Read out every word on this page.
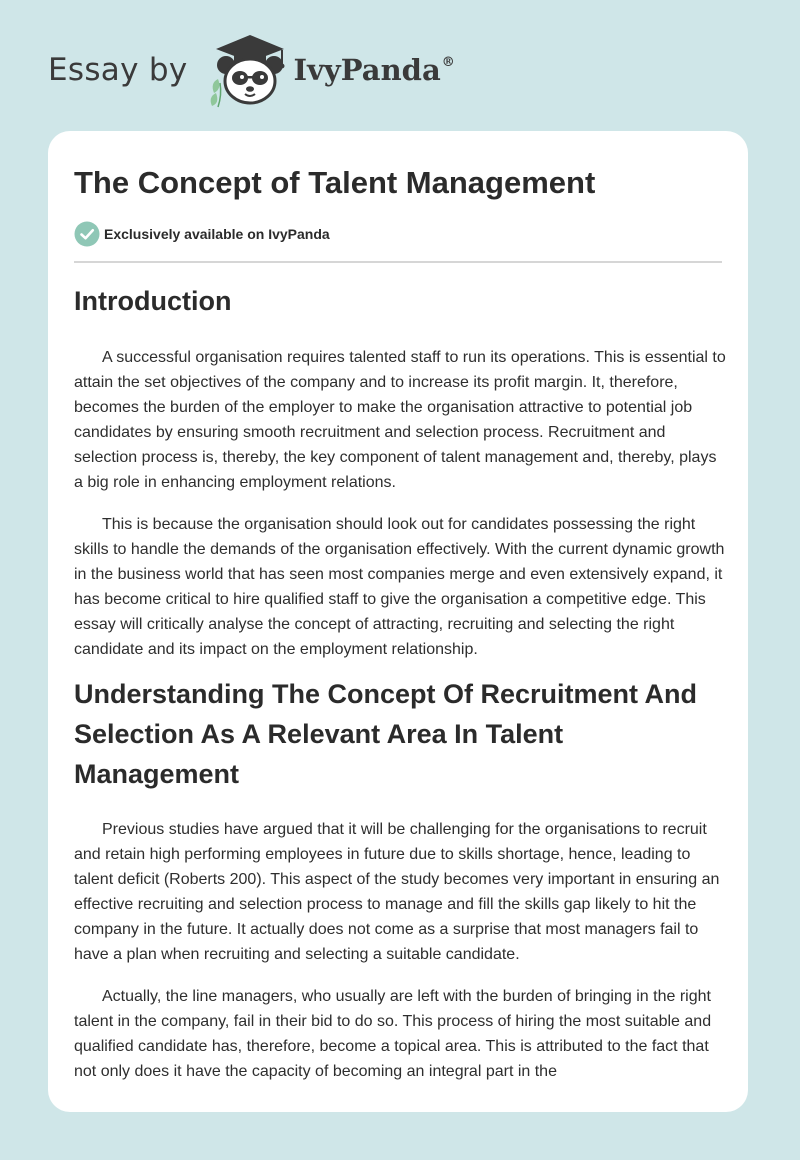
Essay by	IvyPanda®
The Concept of Talent Management
Exclusively available on IvyPanda
Introduction

A successful organisation requires talented staff to run its operations. This is essential to attain the set objectives of the company and to increase its profit margin. It, therefore, becomes the burden of the employer to make the organisation attractive to potential job candidates by ensuring smooth recruitment and selection process. Recruitment and selection process is, thereby, the key component of talent management and, thereby, plays a big role in enhancing employment relations.

This is because the organisation should look out for candidates possessing the right skills to handle the demands of the organisation effectively. With the current dynamic growth in the business world that has seen most companies merge and even extensively expand, it has become critical to hire qualified staff to give the organisation a competitive edge. This essay will critically analyse the concept of attracting, recruiting and selecting the right candidate and its impact on the employment relationship.

Understanding The Concept Of Recruitment And Selection As A Relevant Area In Talent Management

Previous studies have argued that it will be challenging for the organisations to recruit and retain high performing employees in future due to skills shortage, hence, leading to talent deficit (Roberts 200). This aspect of the study becomes very important in ensuring an effective recruiting and selection process to manage and fill the skills gap likely to hit the company in the future. It actually does not come as a surprise that most managers fail to have a plan when recruiting and selecting a suitable candidate.

Actually, the line managers, who usually are left with the burden of bringing in the right talent in the company, fail in their bid to do so. This process of hiring the most suitable and qualified candidate has, therefore, become a topical area. This is attributed to the fact that not only does it have the capacity of becoming an integral part in the
